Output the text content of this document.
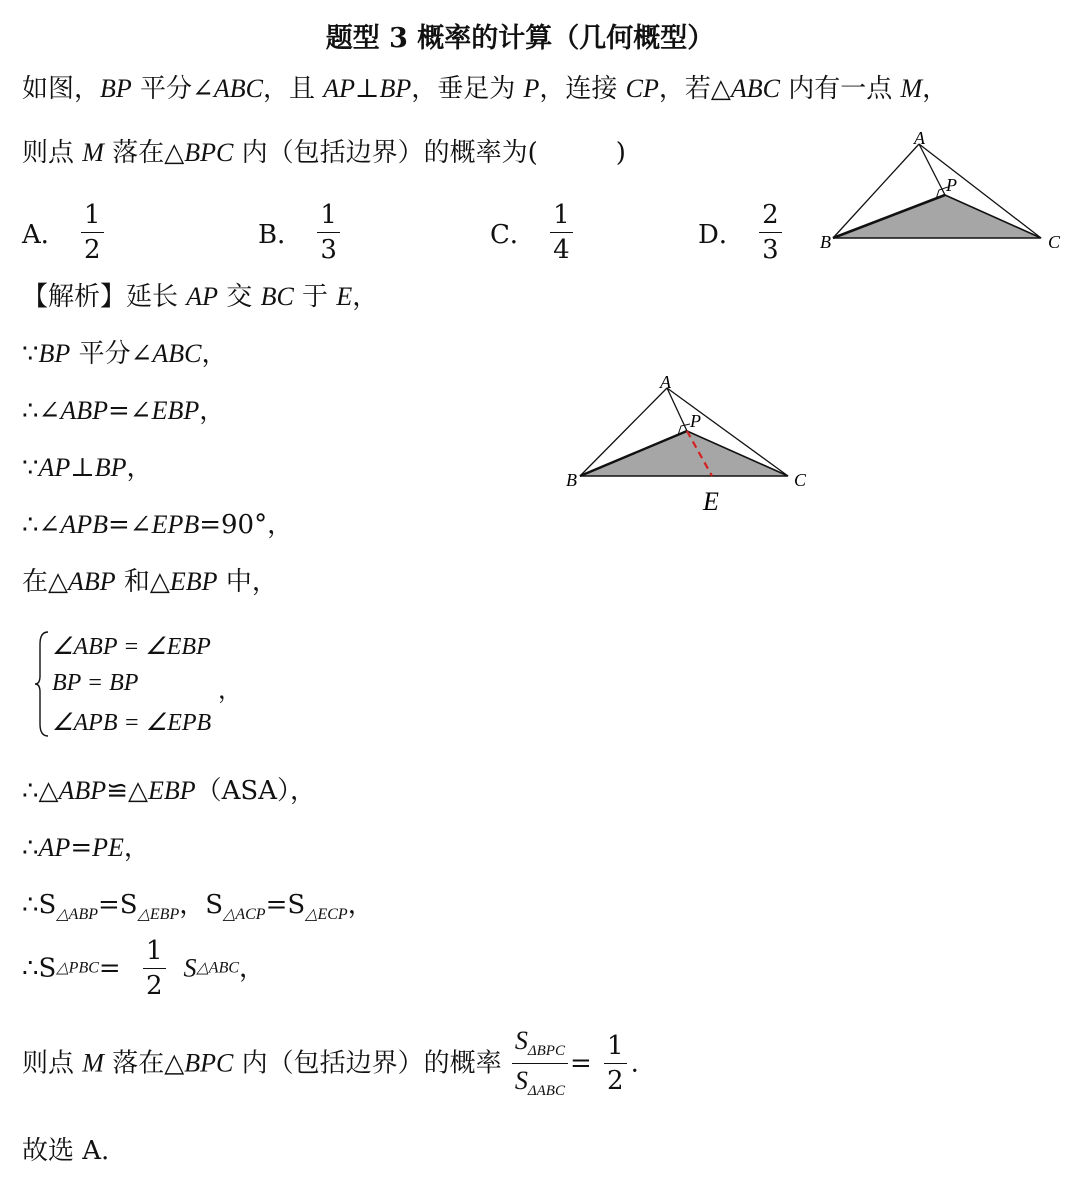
题型 3 概率的计算（几何概型）
如图，BP 平分∠ABC，且 AP⊥BP，垂足为 P，连接 CP，若△ABC 内有一点 M，
则点 M 落在△BPC 内（包括边界）的概率为(　　　)
A． $\frac{1}{2}$	B． $\frac{1}{3}$	C． $\frac{1}{4}$	D． $\frac{2}{3}$
A
B	C
P
【解析】延长 AP 交 BC 于 E，
∵BP 平分∠ABC，
∴∠ABP=∠EBP，
∵AP⊥BP，
∴∠APB=∠EPB=90°，
在△ABP 和△EBP 中，
A
B	C
P
E
∠ABP = ∠EBP
BP = BP
∠APB = ∠EPB
，
∴△ABP≌△EBP（ASA），
∴AP=PE，
$\therefore S_{\triangle ABP}=S_{\triangle EBP}$，$S_{\triangle ACP}=S_{\triangle ECP}$，
∴S△PBC= $\frac{1}{2}$ S△ABC，
则点 M 落在△BPC 内（包括边界）的概率 $\frac{S_{\Delta BPC}}{S_{\Delta ABC}} = \frac{1}{2}$ .
故选 A.
